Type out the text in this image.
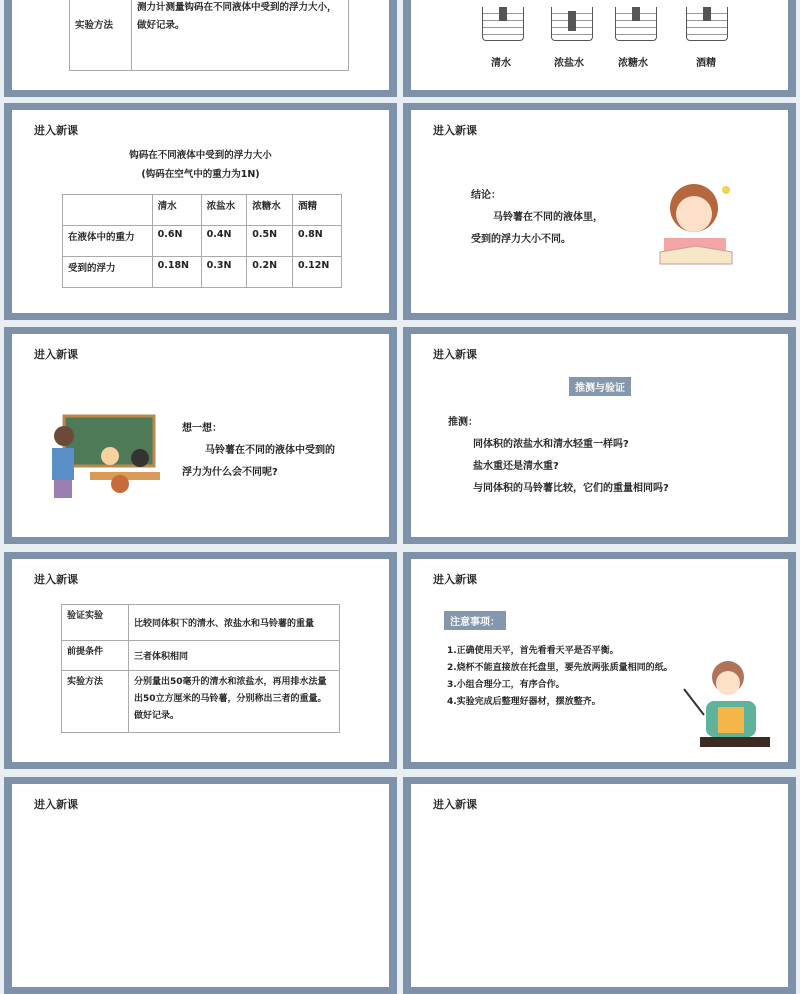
实验方法	测力计测量钩码在不同液体中受到的浮力大小，做好记录。
清水	浓盐水	浓糖水	酒精
进入新课
钩码在不同液体中受到的浮力大小
(钩码在空气中的重力为1N)
	清水	浓盐水	浓糖水	酒精
在液体中的重力	0.6N	0.4N	0.5N	0.8N
受到的浮力	0.18N	0.3N	0.2N	0.12N
进入新课
结论：
马铃薯在不同的液体里，
受到的浮力大小不同。
进入新课
想一想：
马铃薯在不同的液体中受到的
浮力为什么会不同呢?
进入新课
推测与验证
推测：
同体积的浓盐水和清水轻重一样吗?
盐水重还是清水重?
与同体积的马铃薯比较，它们的重量相同吗?
进入新课
验证实验	比较同体积下的清水、浓盐水和马铃薯的重量
前提条件	三者体积相同
实验方法	分别量出50毫升的清水和浓盐水，再用排水法量出50立方厘米的马铃薯，分别称出三者的重量。做好记录。
进入新课
注意事项：
1.正确使用天平，首先看看天平是否平衡。
2.烧杯不能直接放在托盘里，要先放两张质量相同的纸。
3.小组合理分工，有序合作。
4.实验完成后整理好器材，摆放整齐。
进入新课	进入新课
